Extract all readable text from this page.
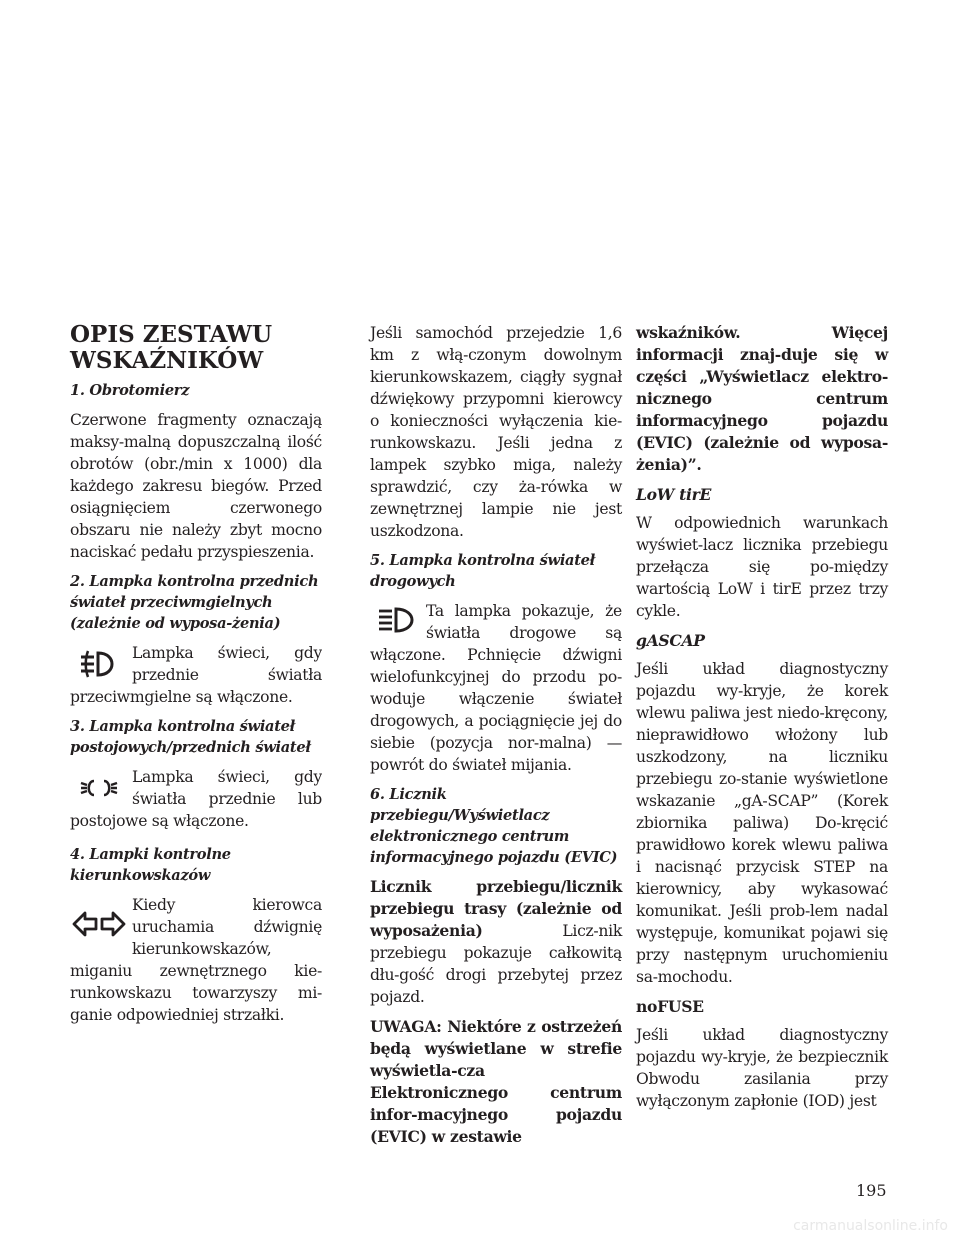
OPIS ZESTAWU WSKAŹNIKÓW
1. Obrotomierz

Czerwone fragmenty oznaczają maksy-malną dopuszczalną ilość obrotów (obr./min x 1000) dla każdego zakresu biegów. Przed osiągnięciem czerwonego obszaru nie należy zbyt mocno naciskać pedału przyspieszenia.

2. Lampka kontrolna przednich świateł przeciwmgielnych (zależnie od wyposa-żenia)
Lampka świeci, gdy przednie światła przeciwmgielne są włączone.
3. Lampka kontrolna świateł postojowych/przednich świateł
Lampka świeci, gdy światła przednie lub postojowe są włączone.
4. Lampki kontrolne kierunkowskazów
Kiedy kierowca uruchamia dźwignię kierunkowskazów, miganiu zewnętrznego kie-runkowskazu towarzyszy mi-ganie odpowiedniej strzałki.

Jeśli samochód przejedzie 1,6 km z włą-czonym dowolnym kierunkowskazem, ciągły sygnał dźwiękowy przypomni kierowcy o konieczności wyłączenia kie-runkowskazu. Jeśli jedna z lampek szybko miga, należy sprawdzić, czy ża-rówka w zewnętrznej lampie nie jest uszkodzona.

5. Lampka kontrolna świateł drogowych
Ta lampka pokazuje, że światła drogowe są włączone. Pchnięcie dźwigni wielofunkcyjnej do przodu po-woduje włączenie świateł drogowych, a pociągnięcie jej do siebie (pozycja nor-malna) — powrót do świateł mijania.
6. Licznik przebiegu/Wyświetlacz elektronicznego centrum informacyjnego pojazdu (EVIC)

Licznik przebiegu/licznik przebiegu trasy (zależnie od wyposażenia) Licz-nik przebiegu pokazuje całkowitą dłu-gość drogi przebytej przez pojazd.

UWAGA: Niektóre z ostrzeżeń będą wyświetlane w strefie wyświetla-cza Elektronicznego centrum infor-macyjnego pojazdu (EVIC) w zestawie

wskaźników. Więcej informacji znaj-duje się w części „Wyświetlacz elektro-nicznego centrum informacyjnego pojazdu (EVIC) (zależnie od wyposa-żenia)”.

LoW tirE

W odpowiednich warunkach wyświet-lacz licznika przebiegu przełącza się po-między wartością LoW i tirE przez trzy cykle.

gASCAP

Jeśli układ diagnostyczny pojazdu wy-kryje, że korek wlewu paliwa jest niedo-kręcony, nieprawidłowo włożony lub uszkodzony, na liczniku przebiegu zo-stanie wyświetlone wskazanie „gA-SCAP” (Korek zbiornika paliwa) Do-kręcić prawidłowo korek wlewu paliwa i nacisnąć przycisk STEP na kierownicy, aby wykasować komunikat. Jeśli prob-lem nadal występuje, komunikat pojawi się przy następnym uruchomieniu sa-mochodu.

noFUSE

Jeśli układ diagnostyczny pojazdu wy-kryje, że bezpiecznik Obwodu zasilania przy wyłączonym zapłonie (IOD) jest

195
carmanualsonline.info
